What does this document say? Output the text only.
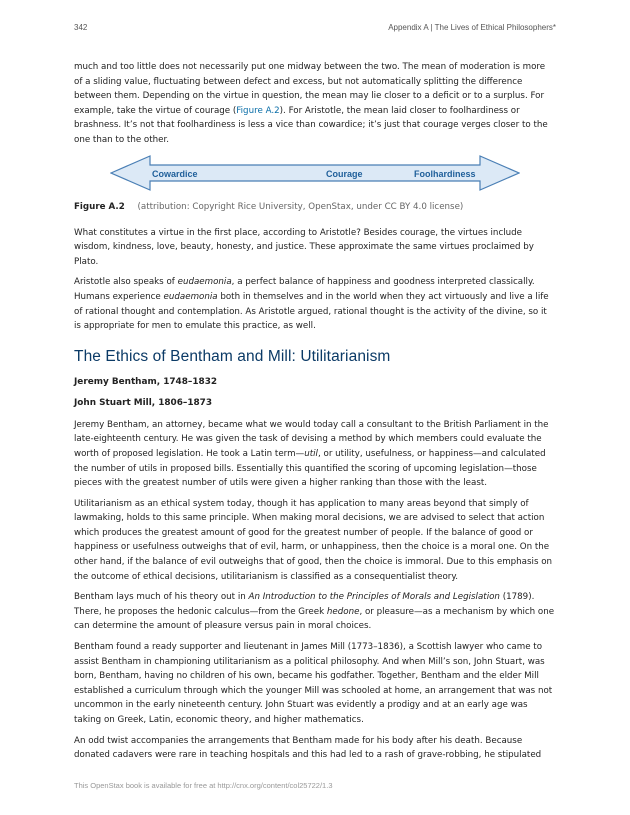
342	Appendix A | The Lives of Ethical Philosophers*

much and too little does not necessarily put one midway between the two. The mean of moderation is more of a sliding value, fluctuating between defect and excess, but not automatically splitting the difference between them. Depending on the virtue in question, the mean may lie closer to a deficit or to a surplus. For example, take the virtue of courage (Figure A.2). For Aristotle, the mean laid closer to foolhardiness or brashness. It’s not that foolhardiness is less a vice than cowardice; it’s just that courage verges closer to the one than to the other.

Cowardice	Courage	Foolhardiness
Figure A.2 (attribution: Copyright Rice University, OpenStax, under CC BY 4.0 license)

What constitutes a virtue in the first place, according to Aristotle? Besides courage, the virtues include wisdom, kindness, love, beauty, honesty, and justice. These approximate the same virtues proclaimed by Plato.

Aristotle also speaks of eudaemonia, a perfect balance of happiness and goodness interpreted classically. Humans experience eudaemonia both in themselves and in the world when they act virtuously and live a life of rational thought and contemplation. As Aristotle argued, rational thought is the activity of the divine, so it is appropriate for men to emulate this practice, as well.

The Ethics of Bentham and Mill: Utilitarianism
Jeremy Bentham, 1748–1832
John Stuart Mill, 1806–1873

Jeremy Bentham, an attorney, became what we would today call a consultant to the British Parliament in the late-eighteenth century. He was given the task of devising a method by which members could evaluate the worth of proposed legislation. He took a Latin term—util, or utility, usefulness, or happiness—and calculated the number of utils in proposed bills. Essentially this quantified the scoring of upcoming legislation—those pieces with the greatest number of utils were given a higher ranking than those with the least.

Utilitarianism as an ethical system today, though it has application to many areas beyond that simply of lawmaking, holds to this same principle. When making moral decisions, we are advised to select that action which produces the greatest amount of good for the greatest number of people. If the balance of good or happiness or usefulness outweighs that of evil, harm, or unhappiness, then the choice is a moral one. On the other hand, if the balance of evil outweighs that of good, then the choice is immoral. Due to this emphasis on the outcome of ethical decisions, utilitarianism is classified as a consequentialist theory.

Bentham lays much of his theory out in An Introduction to the Principles of Morals and Legislation (1789). There, he proposes the hedonic calculus—from the Greek hedone, or pleasure—as a mechanism by which one can determine the amount of pleasure versus pain in moral choices.

Bentham found a ready supporter and lieutenant in James Mill (1773–1836), a Scottish lawyer who came to assist Bentham in championing utilitarianism as a political philosophy. And when Mill’s son, John Stuart, was born, Bentham, having no children of his own, became his godfather. Together, Bentham and the elder Mill established a curriculum through which the younger Mill was schooled at home, an arrangement that was not uncommon in the early nineteenth century. John Stuart was evidently a prodigy and at an early age was taking on Greek, Latin, economic theory, and higher mathematics.

An odd twist accompanies the arrangements that Bentham made for his body after his death. Because donated cadavers were rare in teaching hospitals and this had led to a rash of grave-robbing, he stipulated

This OpenStax book is available for free at http://cnx.org/content/col25722/1.3
